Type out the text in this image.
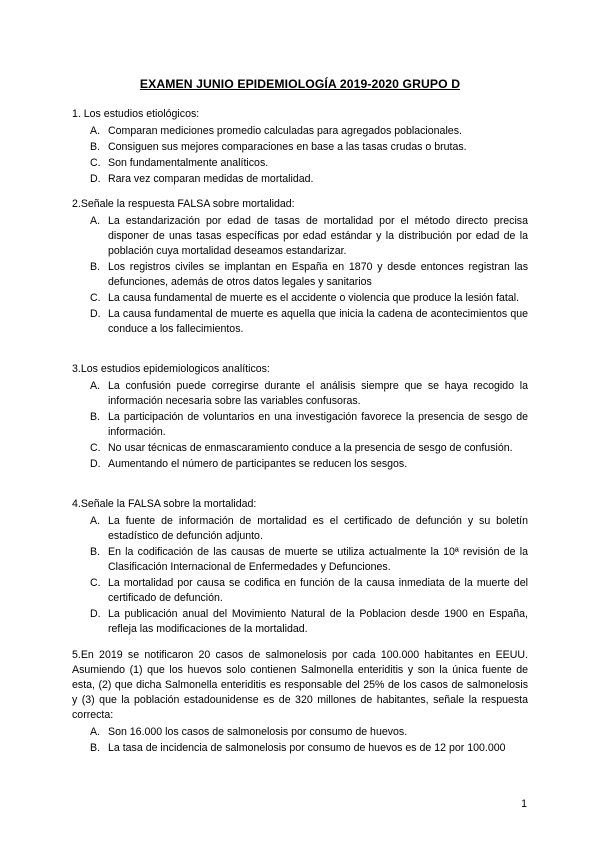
EXAMEN JUNIO EPIDEMIOLOGÍA 2019-2020 GRUPO D

1. Los estudios etiológicos:

A. Comparan mediciones promedio calculadas para agregados poblacionales.
B. Consiguen sus mejores comparaciones en base a las tasas crudas o brutas.
C. Son fundamentalmente analíticos.
D. Rara vez comparan medidas de mortalidad.

2.Señale la respuesta FALSA sobre mortalidad:

A. La estandarización por edad de tasas de mortalidad por el método directo precisa disponer de unas tasas específicas por edad estándar y la distribución por edad de la población cuya mortalidad deseamos estandarizar.
B. Los registros civiles se implantan en España en 1870 y desde entonces registran las defunciones, además de otros datos legales y sanitarios
C. La causa fundamental de muerte es el accidente o violencia que produce la lesión fatal.
D. La causa fundamental de muerte es aquella que inicia la cadena de acontecimientos que conduce a los fallecimientos.

3.Los estudios epidemiologicos analíticos:

A. La confusión puede corregirse durante el análisis siempre que se haya recogido la información necesaria sobre las variables confusoras.
B. La participación de voluntarios en una investigación favorece la presencia de sesgo de información.
C. No usar técnicas de enmascaramiento conduce a la presencia de sesgo de confusión.
D. Aumentando el número de participantes se reducen los sesgos.

4.Señale la FALSA sobre la mortalidad:

A. La fuente de información de mortalidad es el certificado de defunción y su boletín estadístico de defunción adjunto.
B. En la codificación de las causas de muerte se utiliza actualmente la 10ª revisión de la Clasificación Internacional de Enfermedades y Defunciones.
C. La mortalidad por causa se codifica en función de la causa inmediata de la muerte del certificado de defunción.
D. La publicación anual del Movimiento Natural de la Poblacion desde 1900 en España, refleja las modificaciones de la mortalidad.

5.En 2019 se notificaron 20 casos de salmonelosis por cada 100.000 habitantes en EEUU. Asumiendo (1) que los huevos solo contienen Salmonella enteriditis y son la única fuente de esta, (2) que dicha Salmonella enteriditis es responsable del 25% de los casos de salmonelosis y (3) que la población estadounidense es de 320 millones de habitantes, señale la respuesta correcta:

A. Son 16.000 los casos de salmonelosis por consumo de huevos.
B. La tasa de incidencia de salmonelosis por consumo de huevos es de 12 por 100.000
1
